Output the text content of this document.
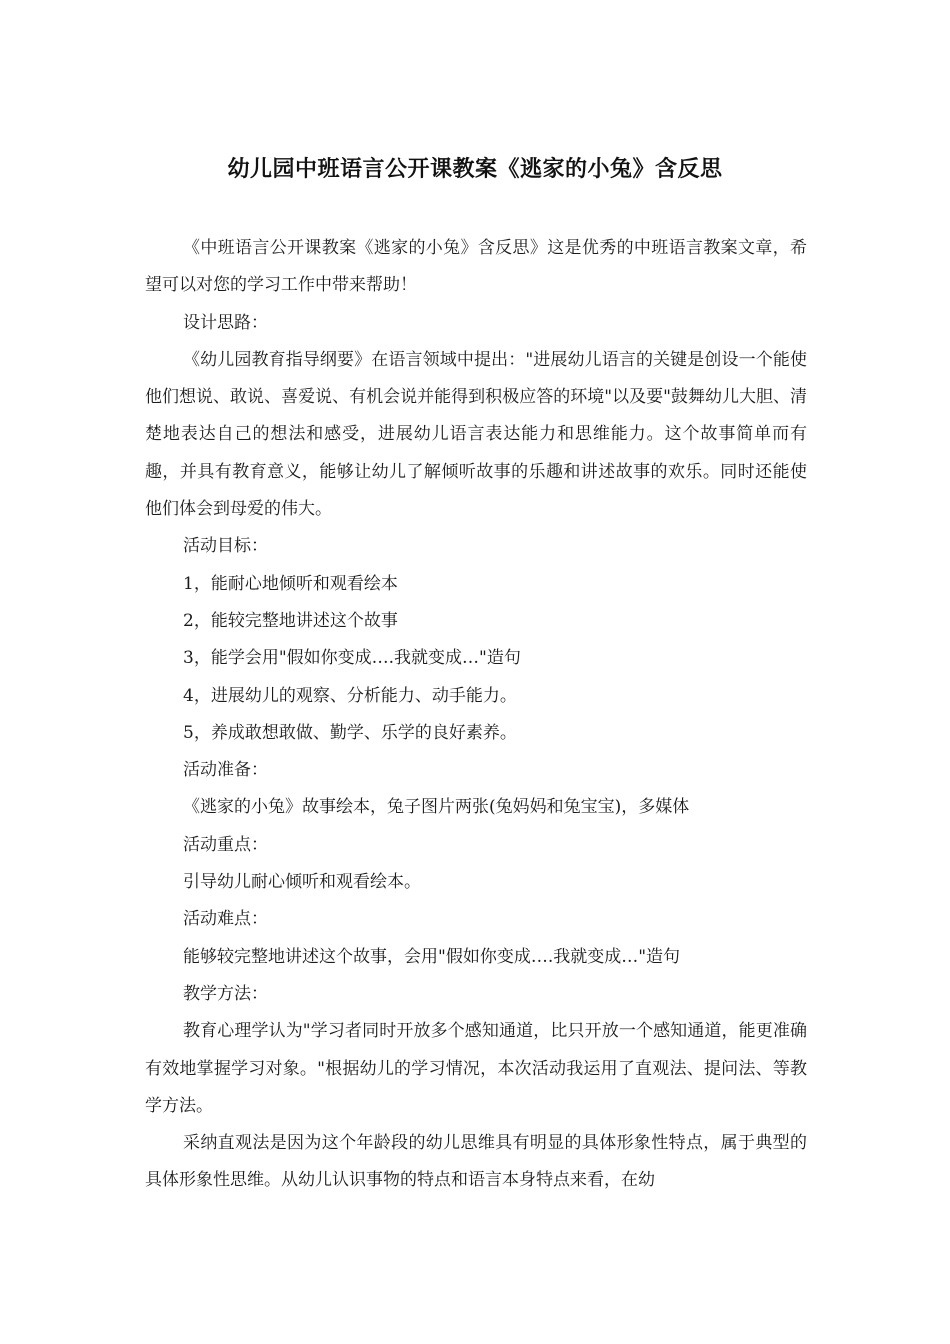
幼儿园中班语言公开课教案《逃家的小兔》含反思

《中班语言公开课教案《逃家的小兔》含反思》这是优秀的中班语言教案文章，希望可以对您的学习工作中带来帮助！

设计思路：

《幼儿园教育指导纲要》在语言领域中提出："进展幼儿语言的关键是创设一个能使他们想说、敢说、喜爱说、有机会说并能得到积极应答的环境"以及要"鼓舞幼儿大胆、清楚地表达自己的想法和感受，进展幼儿语言表达能力和思维能力。这个故事简单而有趣，并具有教育意义，能够让幼儿了解倾听故事的乐趣和讲述故事的欢乐。同时还能使他们体会到母爱的伟大。

活动目标：

1，能耐心地倾听和观看绘本

2，能较完整地讲述这个故事

3，能学会用"假如你变成….我就变成…"造句

4，进展幼儿的观察、分析能力、动手能力。

5，养成敢想敢做、勤学、乐学的良好素养。

活动准备：

《逃家的小兔》故事绘本，兔子图片两张(兔妈妈和兔宝宝)，多媒体

活动重点：

引导幼儿耐心倾听和观看绘本。

活动难点：

能够较完整地讲述这个故事，会用"假如你变成….我就变成…"造句

教学方法：

教育心理学认为"学习者同时开放多个感知通道，比只开放一个感知通道，能更准确有效地掌握学习对象。"根据幼儿的学习情况，本次活动我运用了直观法、提问法、等教学方法。

采纳直观法是因为这个年龄段的幼儿思维具有明显的具体形象性特点，属于典型的具体形象性思维。从幼儿认识事物的特点和语言本身特点来看，在幼
